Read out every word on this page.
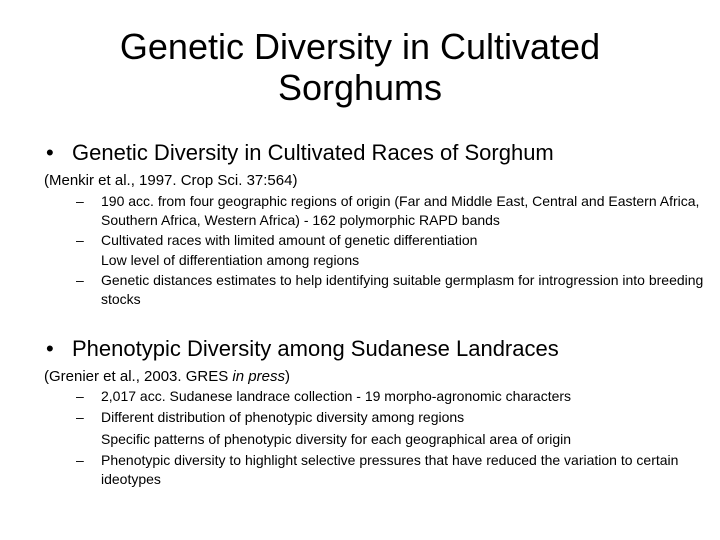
Genetic Diversity in Cultivated
Sorghums
• Genetic Diversity in Cultivated Races of Sorghum
(Menkir et al., 1997. Crop Sci. 37:564)
– 190 acc. from four geographic regions of origin (Far and Middle East, Central and Eastern Africa, Southern Africa, Western Africa) - 162 polymorphic RAPD bands
– Cultivated races with limited amount of genetic differentiation
Low level of differentiation among regions
– Genetic distances estimates to help identifying suitable germplasm for introgression into breeding stocks
• Phenotypic Diversity among Sudanese Landraces
(Grenier et al., 2003. GRES in press)
– 2,017 acc. Sudanese landrace collection - 19 morpho-agronomic characters
– Different distribution of phenotypic diversity among regions
Specific patterns of phenotypic diversity for each geographical area of origin
– Phenotypic diversity to highlight selective pressures that have reduced the variation to certain ideotypes
